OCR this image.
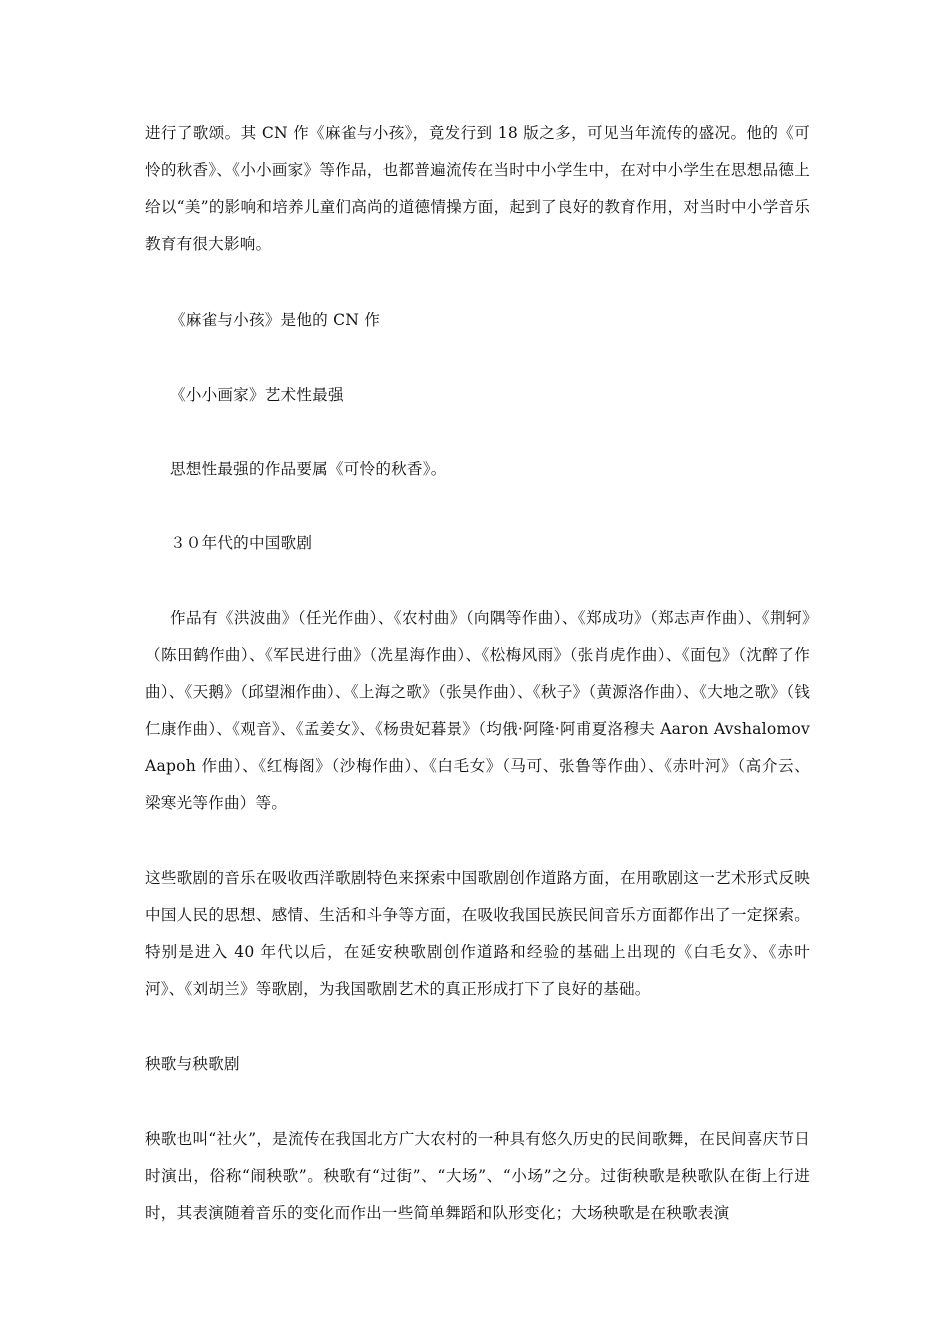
进行了歌颂。其 CN 作《麻雀与小孩》，竟发行到 18 版之多，可见当年流传的盛况。他的《可怜的秋香》、《小小画家》等作品，也都普遍流传在当时中小学生中，在对中小学生在思想品德上给以“美”的影响和培养儿童们高尚的道德情操方面，起到了良好的教育作用，对当时中小学音乐教育有很大影响。

《麻雀与小孩》是他的 CN 作

《小小画家》艺术性最强

思想性最强的作品要属《可怜的秋香》。

３０年代的中国歌剧

作品有《洪波曲》（任光作曲）、《农村曲》（向隅等作曲）、《郑成功》（郑志声作曲）、《荆轲》（陈田鹤作曲）、《军民进行曲》（冼星海作曲）、《松梅风雨》（张肖虎作曲）、《面包》（沈醉了作曲）、《天鹅》（邱望湘作曲）、《上海之歌》（张昊作曲）、《秋子》（黄源洛作曲）、《大地之歌》（钱仁康作曲）、《观音》、《孟姜女》、《杨贵妃暮景》（均俄·阿隆·阿甫夏洛穆夫 Aaron Avshalomov Aapoh 作曲）、《红梅阁》（沙梅作曲）、《白毛女》（马可、张鲁等作曲）、《赤叶河》（高介云、梁寒光等作曲）等。

这些歌剧的音乐在吸收西洋歌剧特色来探索中国歌剧创作道路方面，在用歌剧这一艺术形式反映中国人民的思想、感情、生活和斗争等方面，在吸收我国民族民间音乐方面都作出了一定探索。特别是进入 40 年代以后，在延安秧歌剧创作道路和经验的基础上出现的《白毛女》、《赤叶河》、《刘胡兰》等歌剧，为我国歌剧艺术的真正形成打下了良好的基础。

秧歌与秧歌剧

秧歌也叫“社火”，是流传在我国北方广大农村的一种具有悠久历史的民间歌舞，在民间喜庆节日时演出，俗称“闹秧歌”。秧歌有“过街”、“大场”、“小场”之分。过街秧歌是秧歌队在街上行进时，其表演随着音乐的变化而作出一些简单舞蹈和队形变化；大场秧歌是在秧歌表演
